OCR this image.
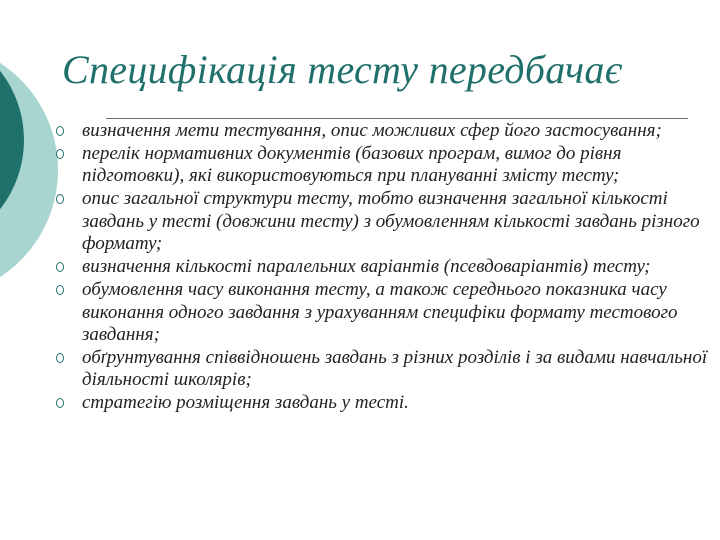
Специфікація тесту передбачає
визначення мети тестування, опис можливих сфер його застосування;
перелік нормативних документів (базових програм, вимог до рівня підготовки), які використовуються при плануванні змісту тесту;
опис загальної структури тесту, тобто визначення загальної кількості завдань у тесті (довжини тесту) з обумовленням кількості завдань різного формату;
визначення кількості паралельних варіантів (псевдоваріантів) тесту;
обумовлення часу виконання тесту, а також середнього показника часу виконання одного завдання з урахуванням специфіки формату тестового завдання;
обґрунтування співвідношень завдань з різних розділів і за видами навчальної діяльності школярів;
стратегію розміщення завдань у тесті.
